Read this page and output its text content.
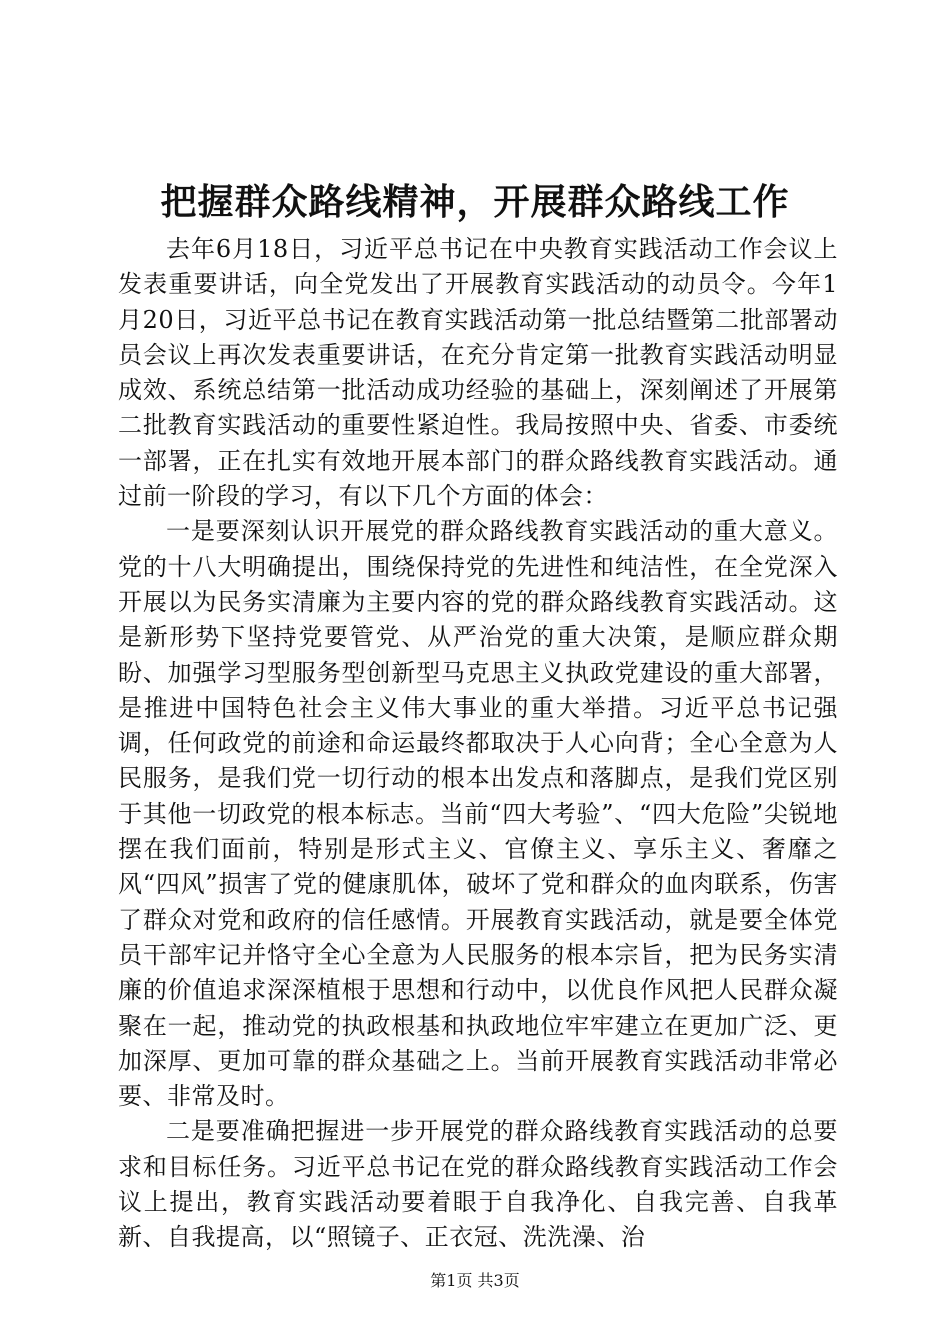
把握群众路线精神，开展群众路线工作

去年6月18日，习近平总书记在中央教育实践活动工作会议上发表重要讲话，向全党发出了开展教育实践活动的动员令。今年1月20日，习近平总书记在教育实践活动第一批总结暨第二批部署动员会议上再次发表重要讲话，在充分肯定第一批教育实践活动明显成效、系统总结第一批活动成功经验的基础上，深刻阐述了开展第二批教育实践活动的重要性紧迫性。我局按照中央、省委、市委统一部署，正在扎实有效地开展本部门的群众路线教育实践活动。通过前一阶段的学习，有以下几个方面的体会：

一是要深刻认识开展党的群众路线教育实践活动的重大意义。党的十八大明确提出，围绕保持党的先进性和纯洁性，在全党深入开展以为民务实清廉为主要内容的党的群众路线教育实践活动。这是新形势下坚持党要管党、从严治党的重大决策，是顺应群众期盼、加强学习型服务型创新型马克思主义执政党建设的重大部署，是推进中国特色社会主义伟大事业的重大举措。习近平总书记强调，任何政党的前途和命运最终都取决于人心向背；全心全意为人民服务，是我们党一切行动的根本出发点和落脚点，是我们党区别于其他一切政党的根本标志。当前“四大考验”、“四大危险”尖锐地摆在我们面前，特别是形式主义、官僚主义、享乐主义、奢靡之风“四风”损害了党的健康肌体，破坏了党和群众的血肉联系，伤害了群众对党和政府的信任感情。开展教育实践活动，就是要全体党员干部牢记并恪守全心全意为人民服务的根本宗旨，把为民务实清廉的价值追求深深植根于思想和行动中，以优良作风把人民群众凝聚在一起，推动党的执政根基和执政地位牢牢建立在更加广泛、更加深厚、更加可靠的群众基础之上。当前开展教育实践活动非常必要、非常及时。

二是要准确把握进一步开展党的群众路线教育实践活动的总要求和目标任务。习近平总书记在党的群众路线教育实践活动工作会议上提出，教育实践活动要着眼于自我净化、自我完善、自我革新、自我提高，以“照镜子、正衣冠、洗洗澡、治

第1页 共3页
